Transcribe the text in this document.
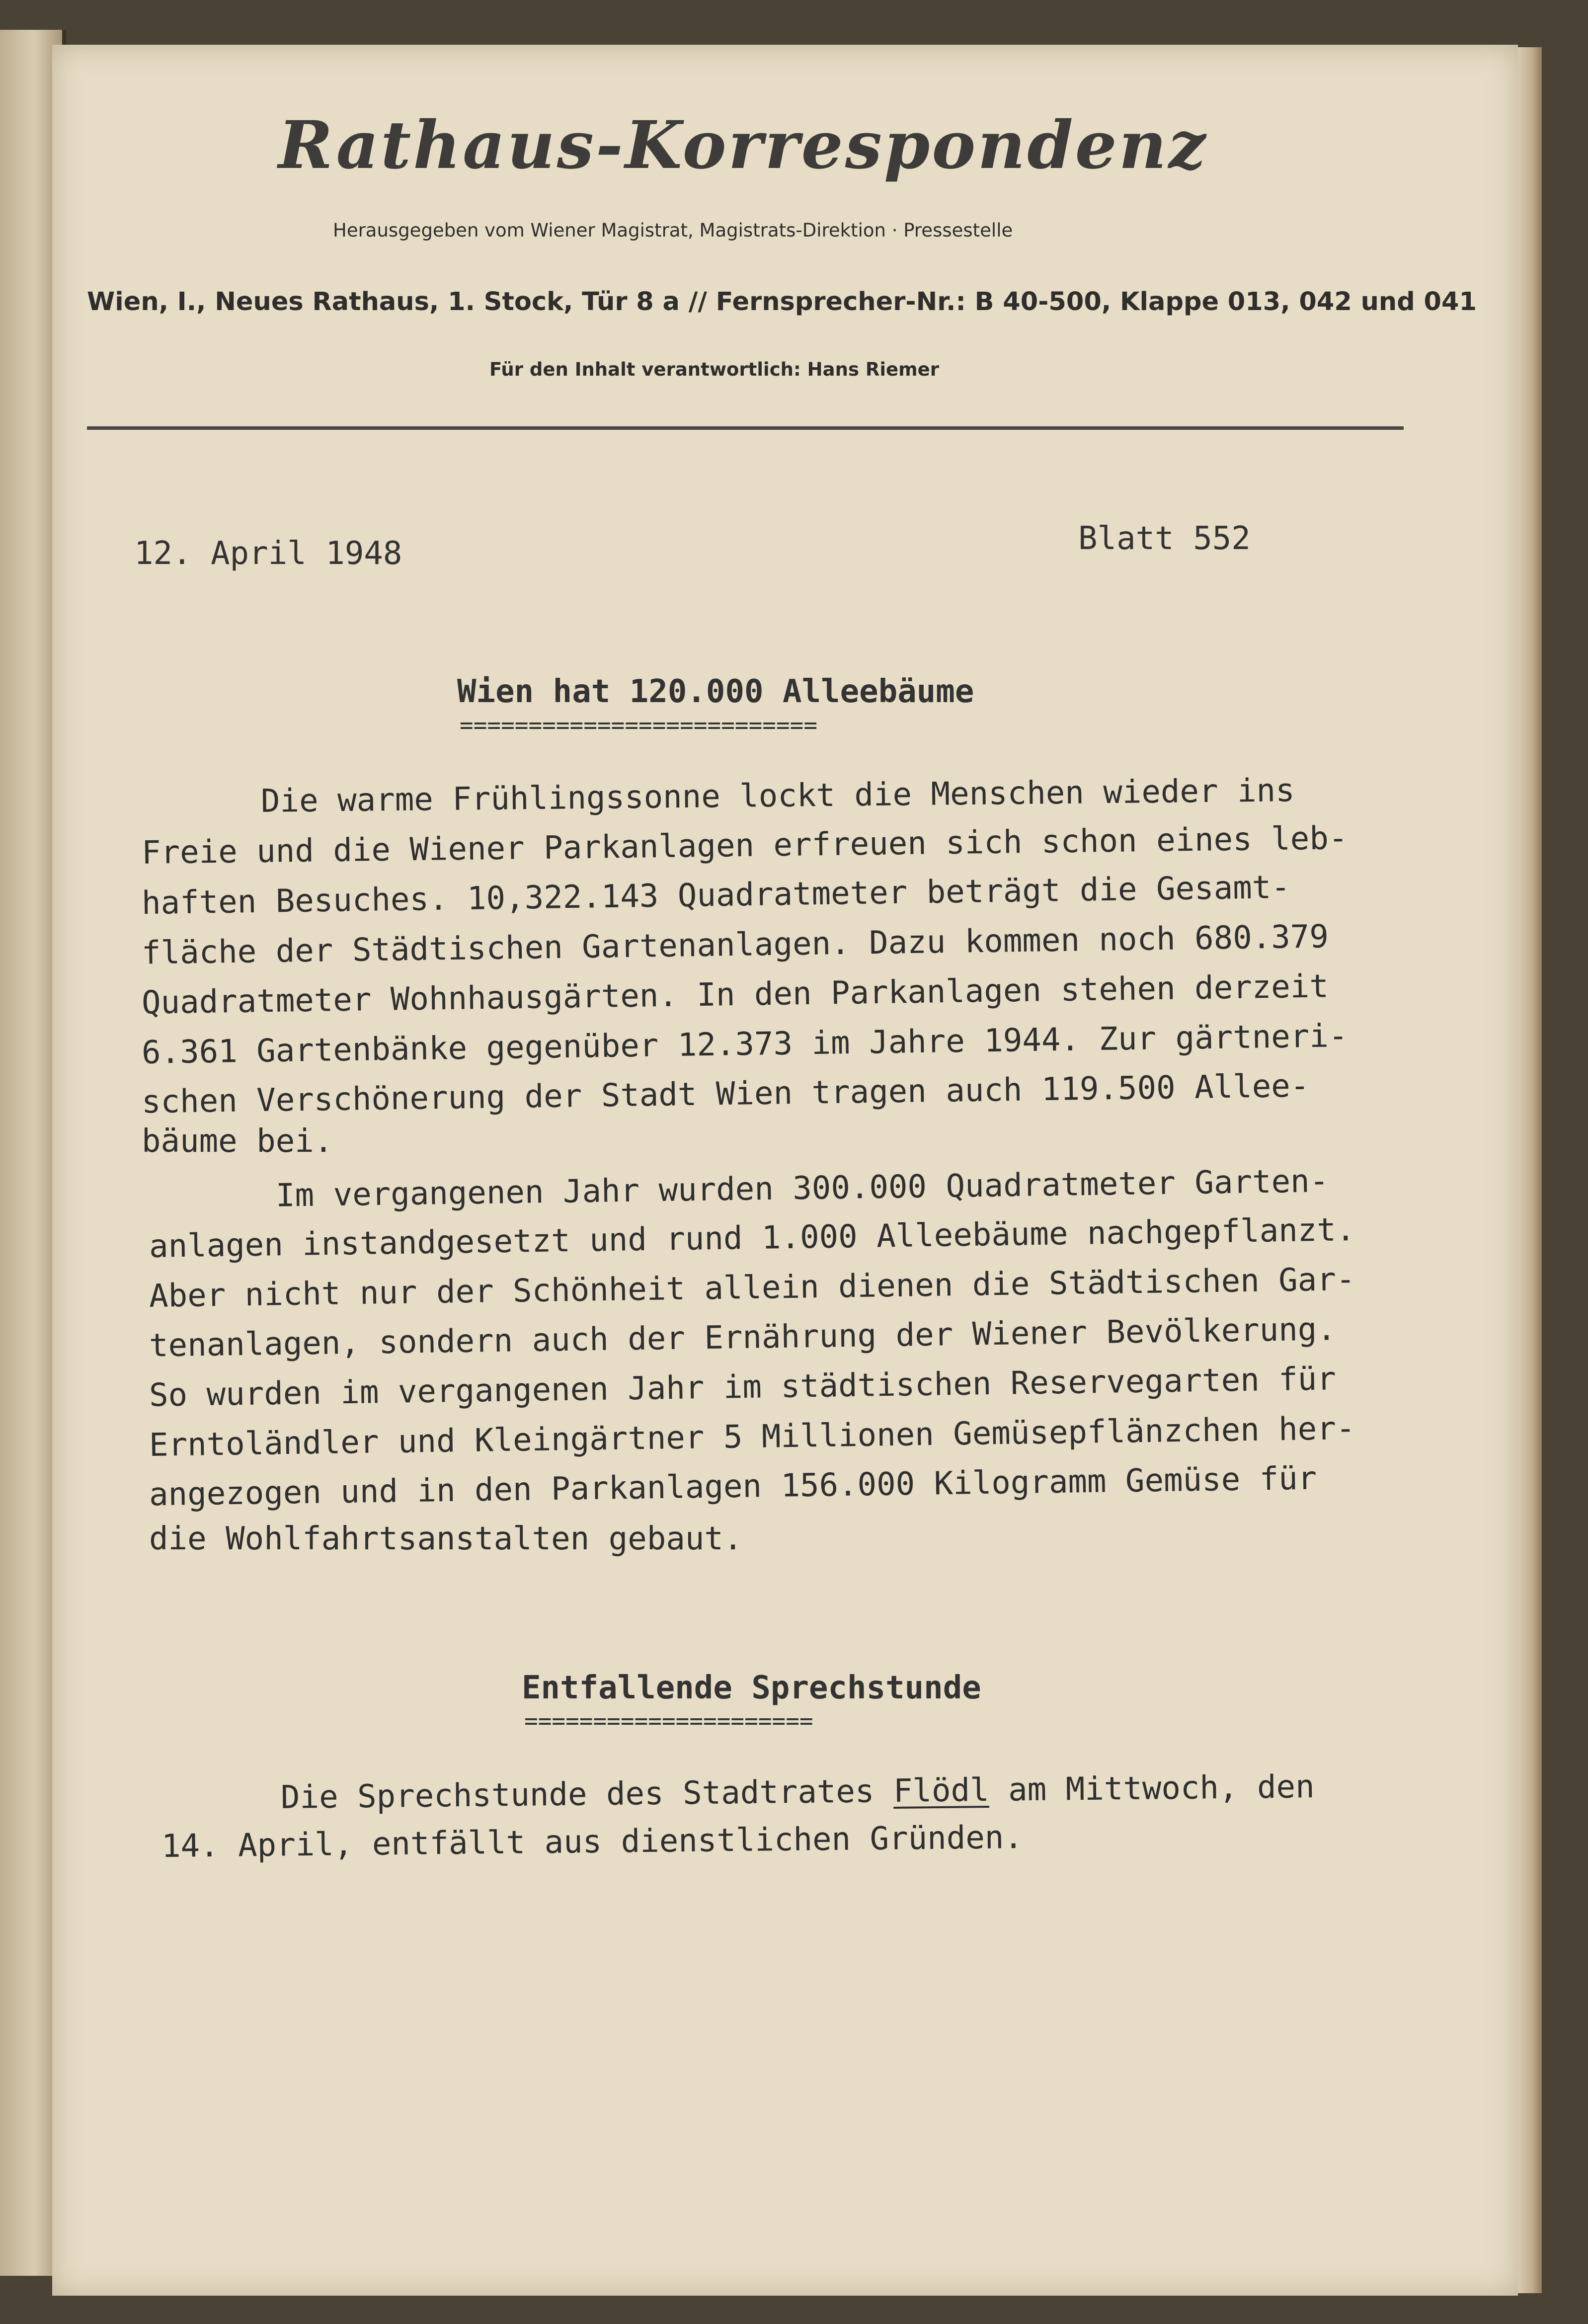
Rathaus-Korrespondenz

Herausgegeben vom Wiener Magistrat, Magistrats-Direktion · Pressestelle

Wien, I., Neues Rathaus, 1. Stock, Tür 8 a // Fernsprecher-Nr.: B 40-500, Klappe 013, 042 und 041

Für den Inhalt verantwortlich: Hans Riemer

12. April 1948	Blatt 552

Wien hat 120.000 Alleebäume
==========================

Die warme Frühlingssonne lockt die Menschen wieder ins

Freie und die Wiener Parkanlagen erfreuen sich schon eines leb-

haften Besuches. 10,322.143 Quadratmeter beträgt die Gesamt-

fläche der Städtischen Gartenanlagen. Dazu kommen noch 680.379

Quadratmeter Wohnhausgärten. In den Parkanlagen stehen derzeit

6.361 Gartenbänke gegenüber 12.373 im Jahre 1944. Zur gärtneri-

schen Verschönerung der Stadt Wien tragen auch 119.500 Allee-

bäume bei.

Im vergangenen Jahr wurden 300.000 Quadratmeter Garten-

anlagen instandgesetzt und rund 1.000 Alleebäume nachgepflanzt.

Aber nicht nur der Schönheit allein dienen die Städtischen Gar-

tenanlagen, sondern auch der Ernährung der Wiener Bevölkerung.

So wurden im vergangenen Jahr im städtischen Reservegarten für

Erntoländler und Kleingärtner 5 Millionen Gemüsepflänzchen her-

angezogen und in den Parkanlagen 156.000 Kilogramm Gemüse für

die Wohlfahrtsanstalten gebaut.

Entfallende Sprechstunde
=====================

Die Sprechstunde des Stadtrates Flödl am Mittwoch, den

14. April, entfällt aus dienstlichen Gründen.
